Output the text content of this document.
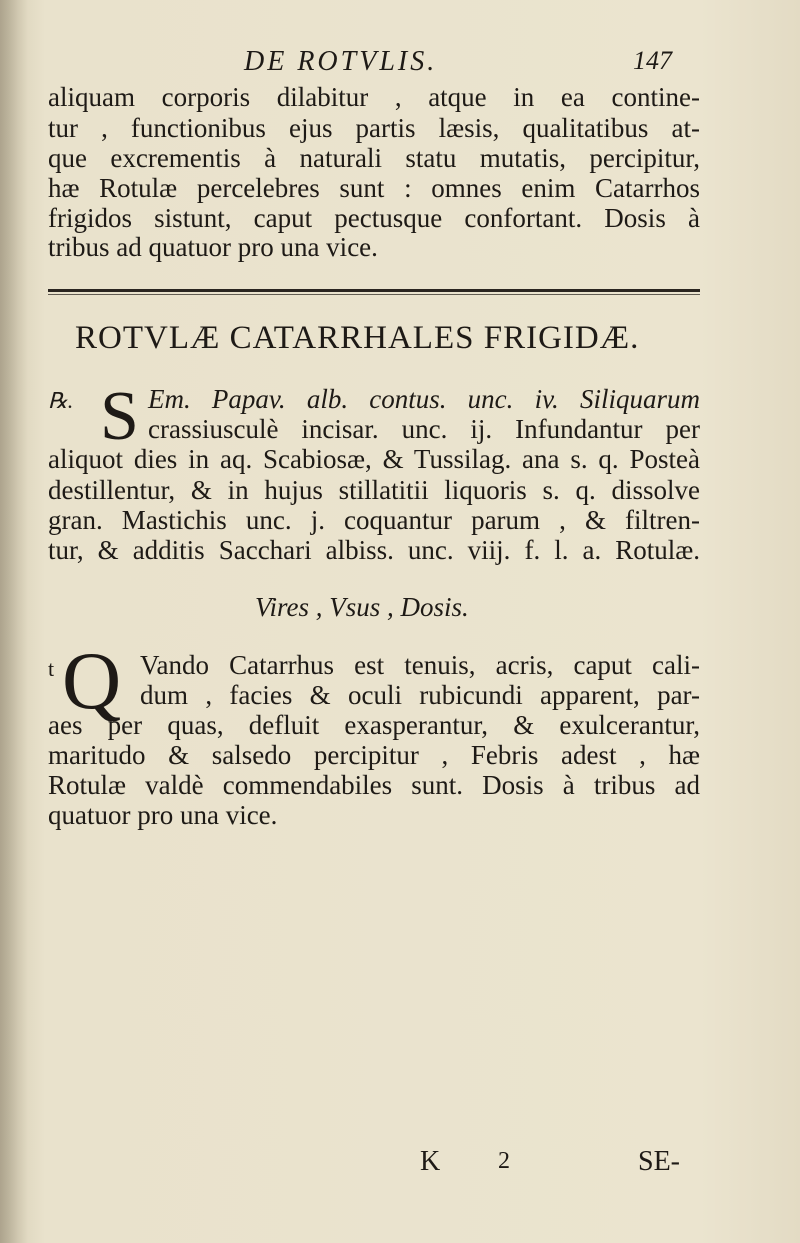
DE ROTVLIS.	147
aliquam corporis dilabitur , atque in ea contine-
tur , functionibus ejus partis læsis, qualitatibus at-
que excrementis à naturali statu mutatis, percipitur,
hæ Rotulæ percelebres sunt : omnes enim Catarrhos
frigidos sistunt, caput pectusque confortant. Dosis à
tribus ad quatuor pro una vice.
ROTVLÆ CATARRHALES FRIGIDÆ.
℞. S Em. Papav. alb. contus. unc. iv. Siliquarum
crassiusculè incisar. unc. ij. Infundantur per
aliquot dies in aq. Scabiosæ, & Tussilag. ana s. q. Posteà
destillentur, & in hujus stillatitii liquoris s. q. dissolve
gran. Mastichis unc. j. coquantur parum , & filtren-
tur, & additis Sacchari albiss. unc. viij. f. l. a. Rotulæ.
Vires , Vsus , Dosis.
t Q Vando Catarrhus est tenuis, acris, caput cali-
dum , facies & oculi rubicundi apparent, par-
aes per quas, defluit exasperantur, & exulcerantur,
maritudo & salsedo percipitur , Febris adest , hæ
Rotulæ valdè commendabiles sunt. Dosis à tribus ad
quatuor pro una vice.
K 2	SE-
